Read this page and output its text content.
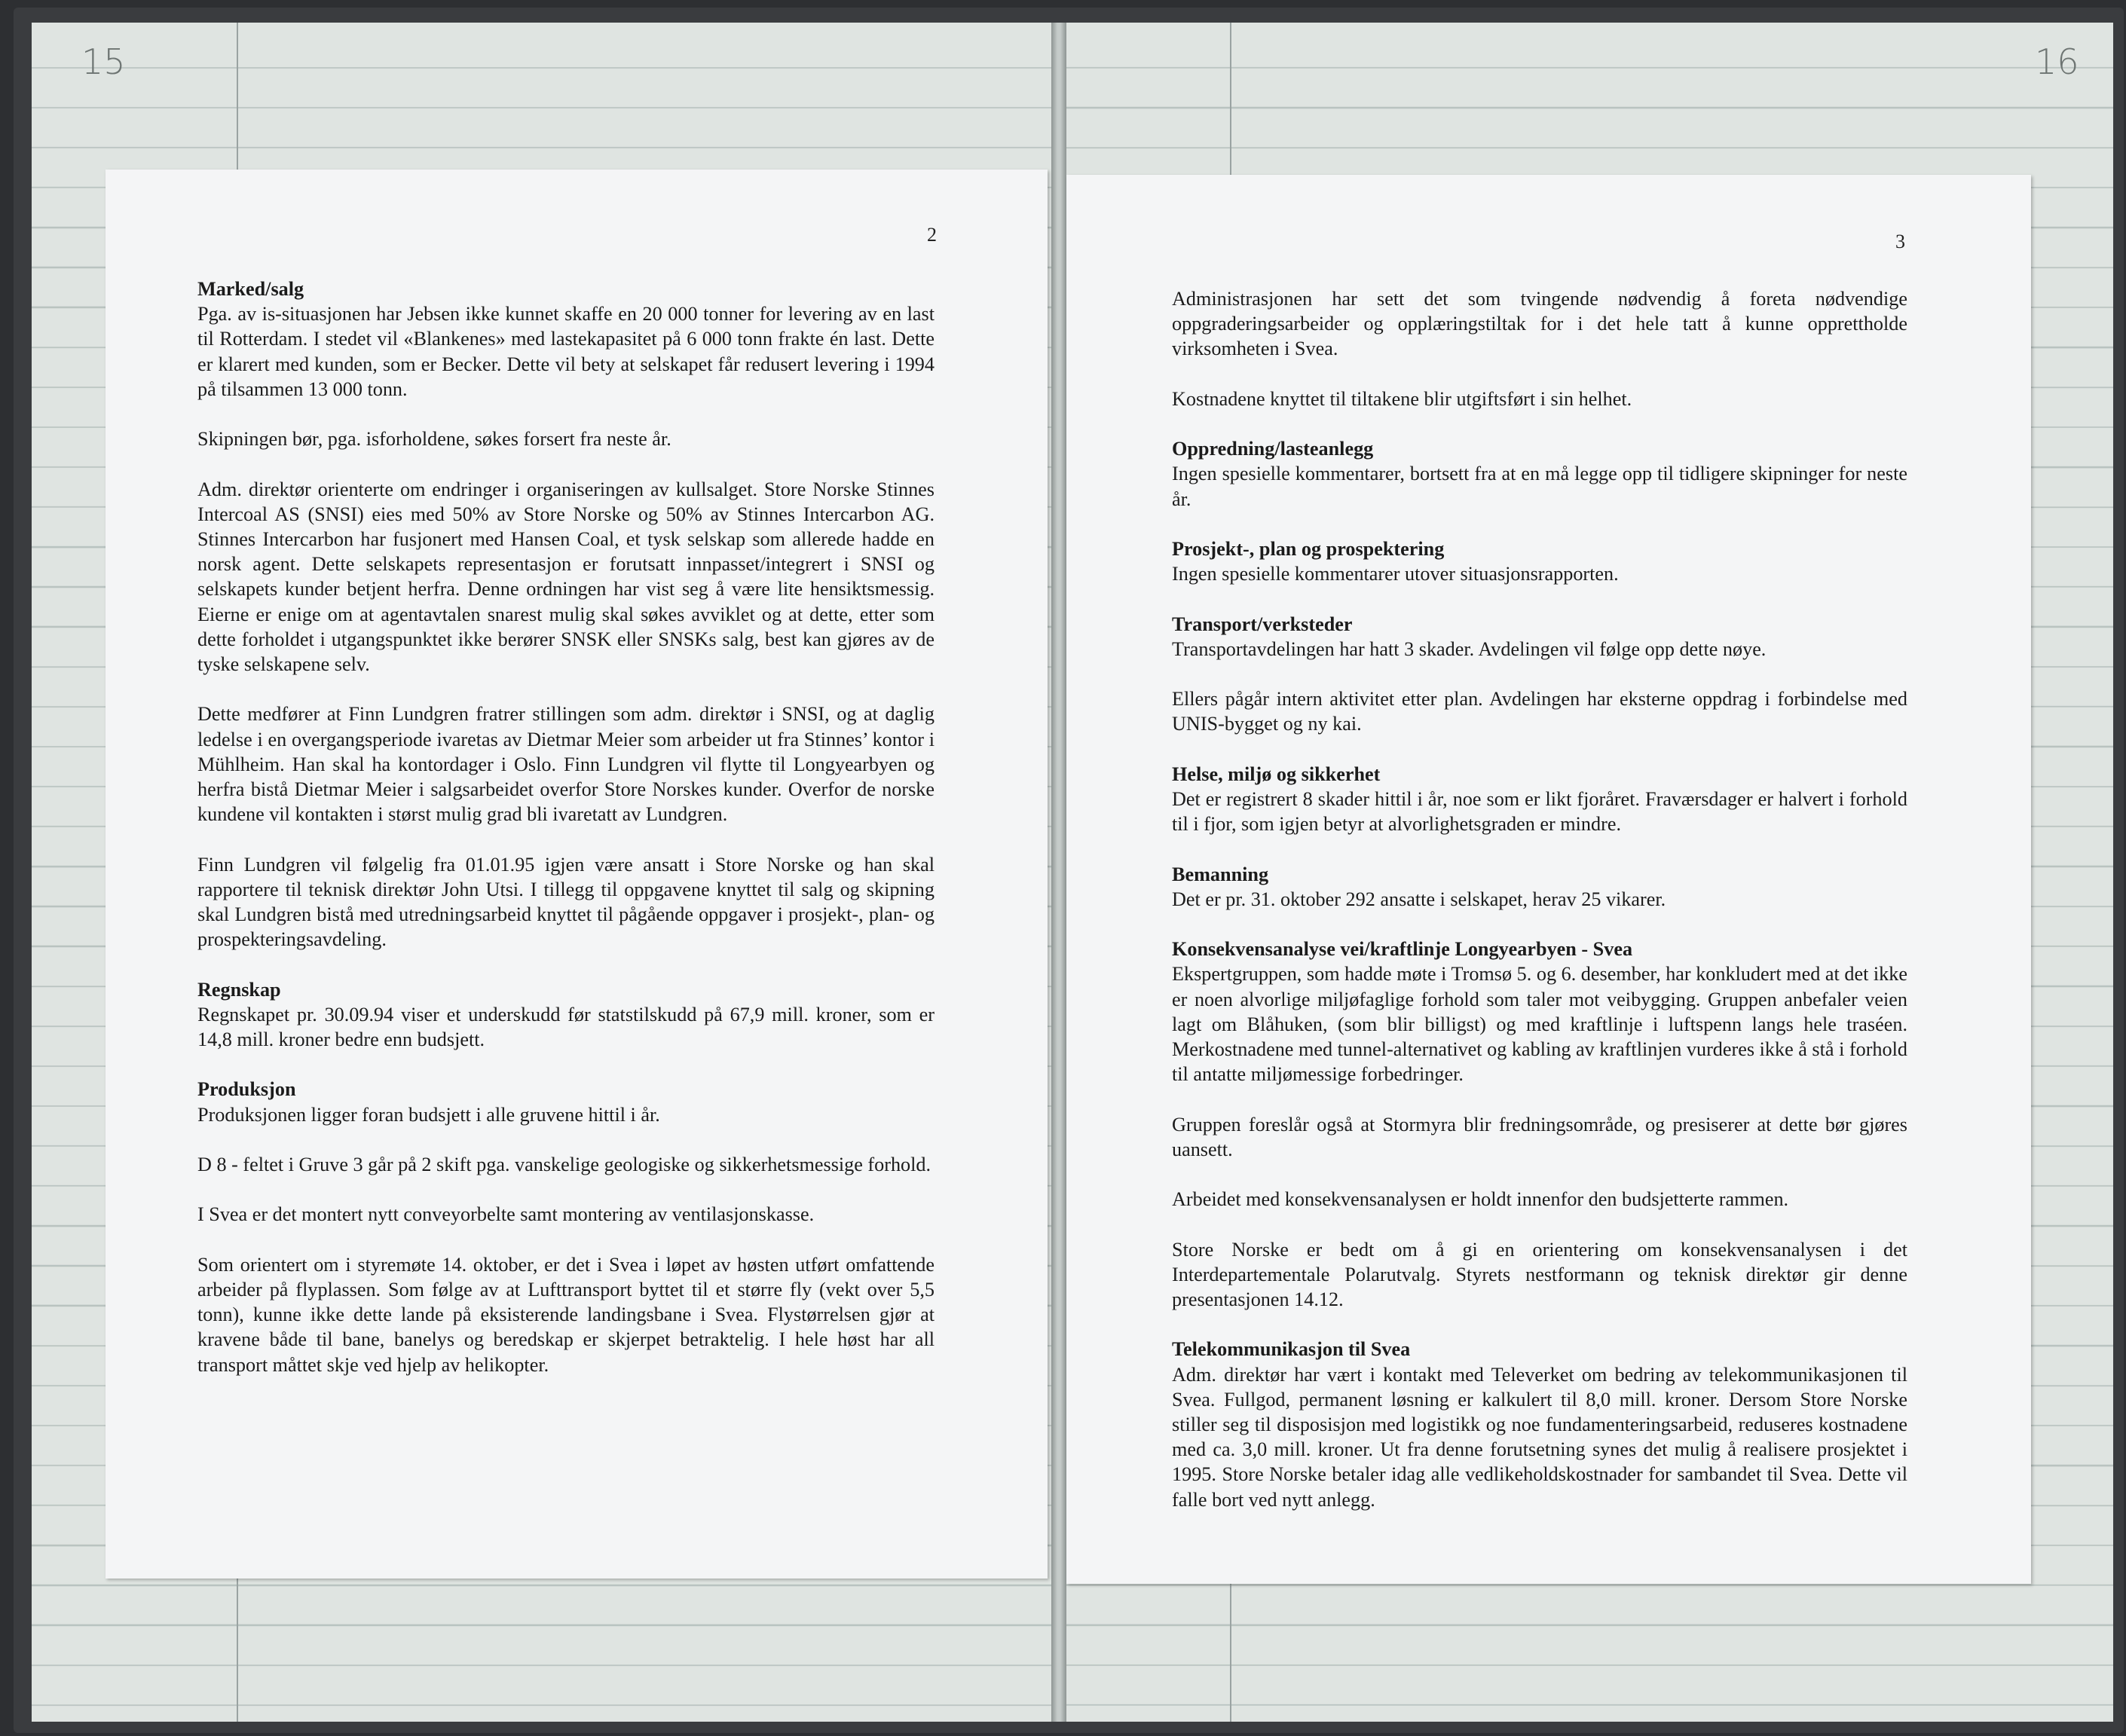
15	16
2
Marked/salg

Pga. av is-situasjonen har Jebsen ikke kunnet skaffe en 20 000 tonner for levering av en last til Rotterdam. I stedet vil «Blankenes» med lastekapasitet på 6 000 tonn frakte én last. Dette er klarert med kunden, som er Becker. Dette vil bety at selskapet får redusert levering i 1994 på tilsammen 13 000 tonn.

Skipningen bør, pga. isforholdene, søkes forsert fra neste år.

Adm. direktør orienterte om endringer i organiseringen av kullsalget. Store Norske Stinnes Intercoal AS (SNSI) eies med 50% av Store Norske og 50% av Stinnes Intercarbon AG. Stinnes Intercarbon har fusjonert med Hansen Coal, et tysk selskap som allerede hadde en norsk agent. Dette selskapets representasjon er forutsatt innpasset/integrert i SNSI og selskapets kunder betjent herfra. Denne ordningen har vist seg å være lite hensiktsmessig. Eierne er enige om at agentavtalen snarest mulig skal søkes avviklet og at dette, etter som dette forholdet i utgangspunktet ikke berører SNSK eller SNSKs salg, best kan gjøres av de tyske selskapene selv.

Dette medfører at Finn Lundgren fratrer stillingen som adm. direktør i SNSI, og at daglig ledelse i en overgangsperiode ivaretas av Dietmar Meier som arbeider ut fra Stinnes’ kontor i Mühlheim. Han skal ha kontordager i Oslo. Finn Lundgren vil flytte til Longyearbyen og herfra bistå Dietmar Meier i salgsarbeidet overfor Store Norskes kunder. Overfor de norske kundene vil kontakten i størst mulig grad bli ivaretatt av Lundgren.

Finn Lundgren vil følgelig fra 01.01.95 igjen være ansatt i Store Norske og han skal rapportere til teknisk direktør John Utsi. I tillegg til oppgavene knyttet til salg og skipning skal Lundgren bistå med utredningsarbeid knyttet til pågående oppgaver i prosjekt-, plan- og prospekteringsavdeling.

Regnskap

Regnskapet pr. 30.09.94 viser et underskudd før statstilskudd på 67,9 mill. kroner, som er 14,8 mill. kroner bedre enn budsjett.

Produksjon

Produksjonen ligger foran budsjett i alle gruvene hittil i år.

D 8 - feltet i Gruve 3 går på 2 skift pga. vanskelige geologiske og sikkerhetsmessige forhold.

I Svea er det montert nytt conveyorbelte samt montering av ventilasjonskasse.

Som orientert om i styremøte 14. oktober, er det i Svea i løpet av høsten utført omfattende arbeider på flyplassen. Som følge av at Lufttransport byttet til et større fly (vekt over 5,5 tonn), kunne ikke dette lande på eksisterende landingsbane i Svea. Flystørrelsen gjør at kravene både til bane, banelys og beredskap er skjerpet betraktelig. I hele høst har all transport måttet skje ved hjelp av helikopter.

3

Administrasjonen har sett det som tvingende nødvendig å foreta nødvendige oppgraderingsarbeider og opplæringstiltak for i det hele tatt å kunne opprettholde virksomheten i Svea.

Kostnadene knyttet til tiltakene blir utgiftsført i sin helhet.

Oppredning/lasteanlegg

Ingen spesielle kommentarer, bortsett fra at en må legge opp til tidligere skipninger for neste år.

Prosjekt-, plan og prospektering

Ingen spesielle kommentarer utover situasjonsrapporten.

Transport/verksteder

Transportavdelingen har hatt 3 skader. Avdelingen vil følge opp dette nøye.

Ellers pågår intern aktivitet etter plan. Avdelingen har eksterne oppdrag i forbindelse med UNIS-bygget og ny kai.

Helse, miljø og sikkerhet

Det er registrert 8 skader hittil i år, noe som er likt fjoråret. Fraværsdager er halvert i forhold til i fjor, som igjen betyr at alvorlighetsgraden er mindre.

Bemanning

Det er pr. 31. oktober 292 ansatte i selskapet, herav 25 vikarer.

Konsekvensanalyse vei/kraftlinje Longyearbyen - Svea

Ekspertgruppen, som hadde møte i Tromsø 5. og 6. desember, har konkludert med at det ikke er noen alvorlige miljøfaglige forhold som taler mot veibygging. Gruppen anbefaler veien lagt om Blåhuken, (som blir billigst) og med kraftlinje i luftspenn langs hele traséen. Merkostnadene med tunnel-alternativet og kabling av kraftlinjen vurderes ikke å stå i forhold til antatte miljømessige forbedringer.

Gruppen foreslår også at Stormyra blir fredningsområde, og presiserer at dette bør gjøres uansett.

Arbeidet med konsekvensanalysen er holdt innenfor den budsjetterte rammen.

Store Norske er bedt om å gi en orientering om konsekvensanalysen i det Interdepartementale Polarutvalg. Styrets nestformann og teknisk direktør gir denne presentasjonen 14.12.

Telekommunikasjon til Svea

Adm. direktør har vært i kontakt med Televerket om bedring av telekommunikasjonen til Svea. Fullgod, permanent løsning er kalkulert til 8,0 mill. kroner. Dersom Store Norske stiller seg til disposisjon med logistikk og noe fundamenteringsarbeid, reduseres kostnadene med ca. 3,0 mill. kroner. Ut fra denne forutsetning synes det mulig å realisere prosjektet i 1995. Store Norske betaler idag alle vedlikeholdskostnader for sambandet til Svea. Dette vil falle bort ved nytt anlegg.
